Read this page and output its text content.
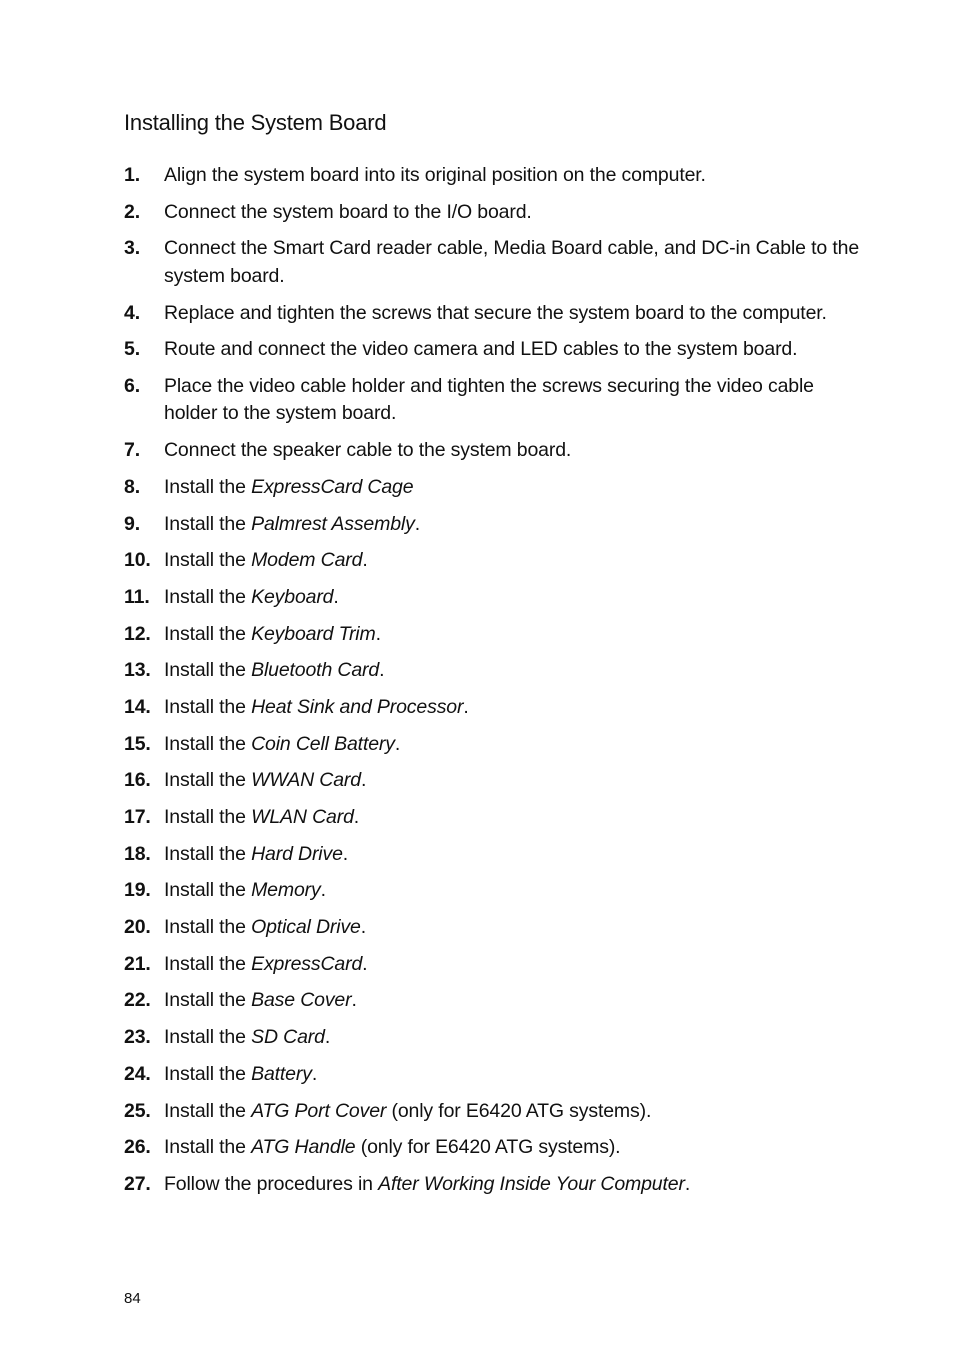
Installing the System Board
1.	Align the system board into its original position on the computer.
2.	Connect the system board to the I/O board.
3.	Connect the Smart Card reader cable, Media Board cable, and DC-in Cable to the system board.
4.	Replace and tighten the screws that secure the system board to the computer.
5.	Route and connect the video camera and LED cables to the system board.
6.	Place the video cable holder and tighten the screws securing the video cable holder to the system board.
7.	Connect the speaker cable to the system board.
8.	Install the ExpressCard Cage
9.	Install the Palmrest Assembly.
10. Install the Modem Card.
11. Install the Keyboard.
12. Install the Keyboard Trim.
13. Install the Bluetooth Card.
14. Install the Heat Sink and Processor.
15. Install the Coin Cell Battery.
16. Install the WWAN Card.
17. Install the WLAN Card.
18. Install the Hard Drive.
19. Install the Memory.
20. Install the Optical Drive.
21. Install the ExpressCard.
22. Install the Base Cover.
23. Install the SD Card.
24. Install the Battery.
25. Install the ATG Port Cover (only for E6420 ATG systems).
26. Install the ATG Handle (only for E6420 ATG systems).
27. Follow the procedures in After Working Inside Your Computer.
84
